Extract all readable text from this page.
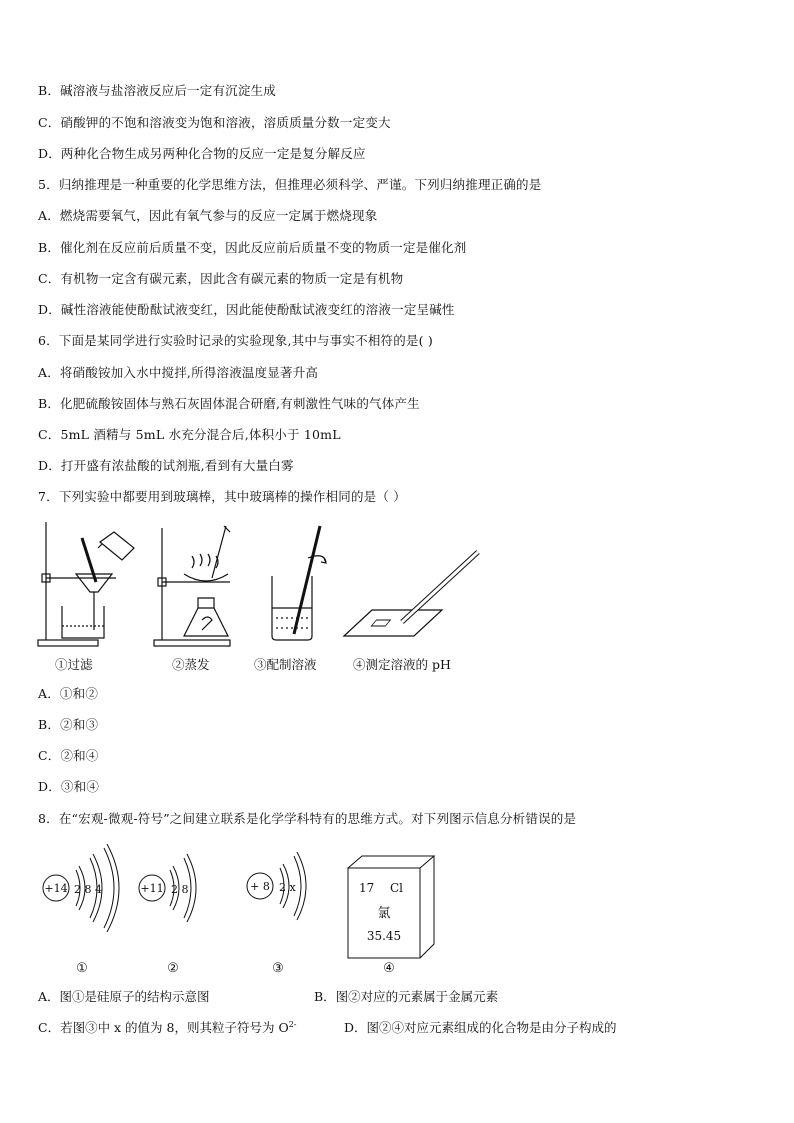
B．碱溶液与盐溶液反应后一定有沉淀生成
C．硝酸钾的不饱和溶液变为饱和溶液，溶质质量分数一定变大
D．两种化合物生成另两种化合物的反应一定是复分解反应
5．归纳推理是一种重要的化学思维方法，但推理必须科学、严谨。下列归纳推理正确的是
A．燃烧需要氧气，因此有氧气参与的反应一定属于燃烧现象
B．催化剂在反应前后质量不变，因此反应前后质量不变的物质一定是催化剂
C．有机物一定含有碳元素，因此含有碳元素的物质一定是有机物
D．碱性溶液能使酚酞试液变红，因此能使酚酞试液变红的溶液一定呈碱性
6．下面是某同学进行实验时记录的实验现象,其中与事实不相符的是( )
A．将硝酸铵加入水中搅拌,所得溶液温度显著升高
B．化肥硫酸铵固体与熟石灰固体混合研磨,有刺激性气味的气体产生
C．5mL 酒精与 5mL 水充分混合后,体积小于 10mL
D．打开盛有浓盐酸的试剂瓶,看到有大量白雾
7．下列实验中都要用到玻璃棒，其中玻璃棒的操作相同的是（ ）
①过滤	②蒸发	③配制溶液	④测定溶液的 pH
A．①和②
B．②和③
C．②和④
D．③和④
8．在“宏观-微观-符号”之间建立联系是化学学科特有的思维方式。对下列图示信息分析错误的是
+14 2 8 4	+11 2 8	+ 8 2 x	17 Cl
氯
35.45
①	②	③	④
A．图①是硅原子的结构示意图	B．图②对应的元素属于金属元素
C．若图③中 x 的值为 8，则其粒子符号为 $O^{2-}$	D．图②④对应元素组成的化合物是由分子构成的
